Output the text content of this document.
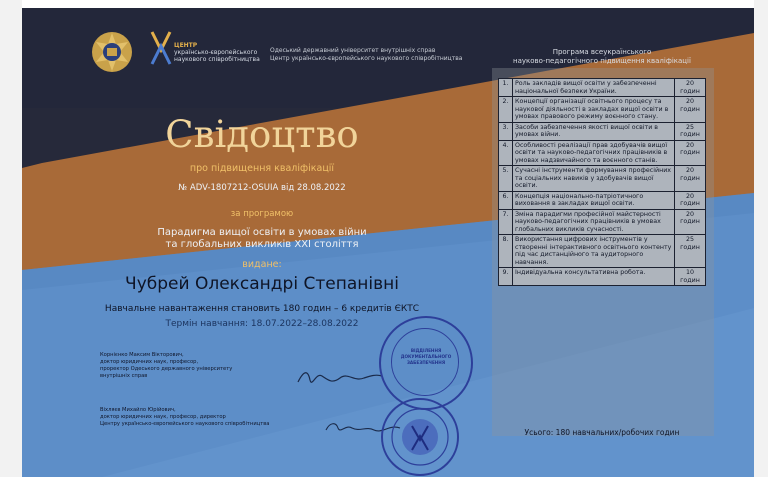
ЦЕНТР
українсько-європейського
наукового співробітництва
Одеський державний університет внутрішніх справ
Центр українсько-європейського наукового співробітництва
Свідоцтво
про підвищення кваліфікації
№ ADV-1807212-OSUIA від 28.08.2022
за програмою
Парадигма вищої освіти в умовах війни
та глобальних викликів ХХІ століття
видане:
Чубрей Олександрі Степанівні
Навчальне навантаження становить 180 годин – 6 кредитів ЄКТС
Термін навчання: 18.07.2022–28.08.2022
Корнієнко Максим Вікторович,
доктор юридичних наук, професор,
проректор Одеського державного університету
внутрішніх справ
Віхляєв Михайло Юрійович,
доктор юридичних наук, професор, директор
Центру українсько-європейського наукового співробітництва
ВІДДІЛЕННЯ
ДОКУМЕНТАЛЬНОГО
ЗАБЕЗПЕЧЕННЯ
Програма всеукраїнського
науково-педагогічного підвищення кваліфікації
1.	Роль закладів вищої освіти у забезпеченні національної безпеки України.	20 годин
2.	Концепції організації освітнього процесу та наукової діяльності в закладах вищої освіти в умовах правового режиму воєнного стану.	20 годин
3.	Засоби забезпечення якості вищої освіти в умовах війни.	25 годин
4.	Особливості реалізації прав здобувачів вищої освіти та науково-педагогічних працівників в умовах надзвичайного та воєнного станів.	20 годин
5.	Сучасні інструменти формування професійних та соціальних навиків у здобувачів вищої освіти.	20 годин
6.	Концепція національно-патріотичного виховання в закладах вищої освіти.	20 годин
7.	Зміна парадигми професійної майстерності науково-педагогічних працівників в умовах глобальних викликів сучасності.	20 годин
8.	Використання цифрових інструментів у створенні інтерактивного освітнього контенту під час дистанційного та аудиторного навчання.	25 годин
9.	Індивідуальна консультативна робота.	10 годин
Усього: 180 навчальних/робочих годин
